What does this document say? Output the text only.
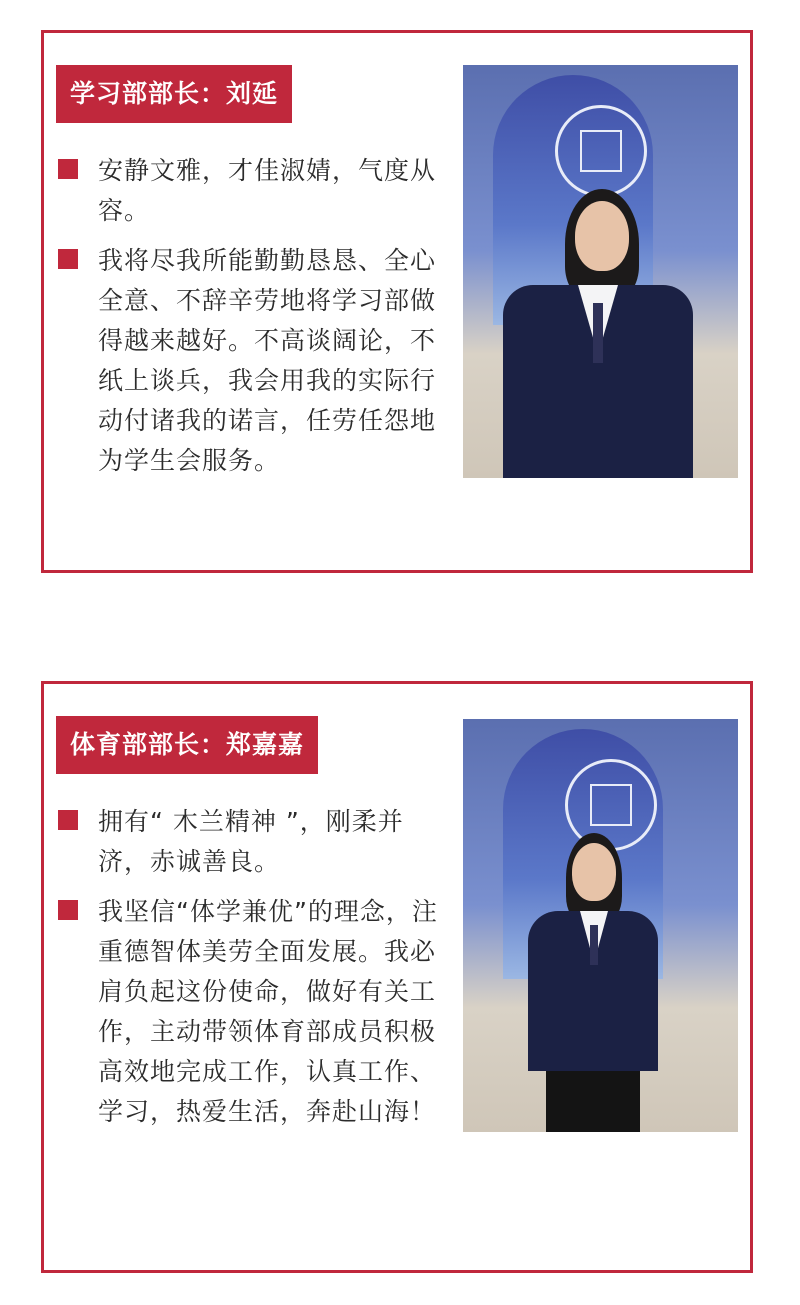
学习部部长：刘延
安静文雅，才佳淑婧，气度从容。
我将尽我所能勤勤恳恳、全心全意、不辞辛劳地将学习部做得越来越好。不高谈阔论，不纸上谈兵，我会用我的实际行动付诸我的诺言，任劳任怨地为学生会服务。
体育部部长：郑嘉嘉
拥有“ 木兰精神 ”，刚柔并济，赤诚善良。
我坚信“体学兼优”的理念，注重德智体美劳全面发展。我必肩负起这份使命，做好有关工作，主动带领体育部成员积极高效地完成工作，认真工作、学习，热爱生活，奔赴山海！
